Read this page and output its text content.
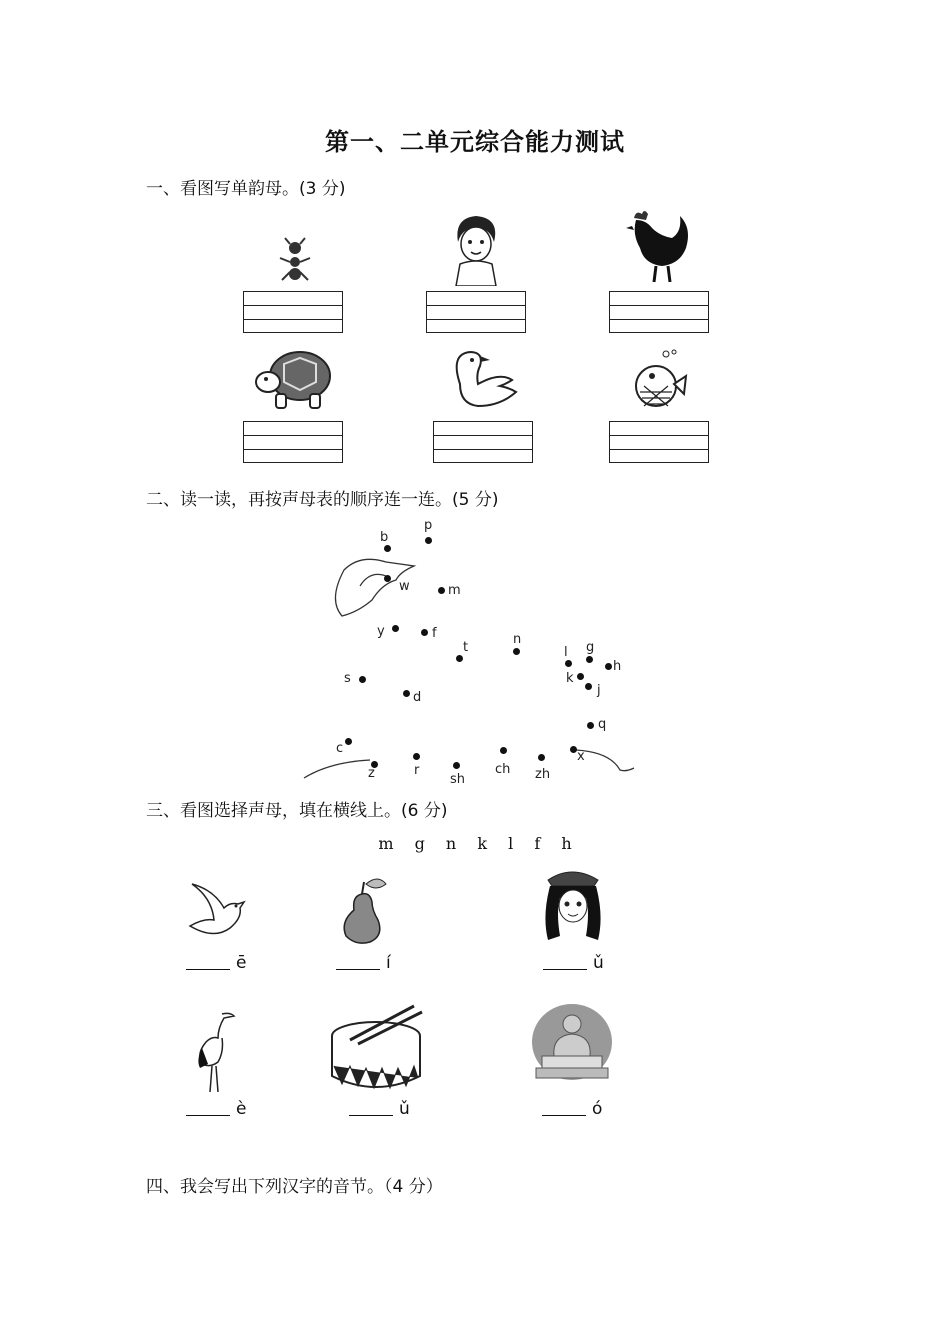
第一、二单元综合能力测试
一、看图写单韵母。(3 分)
二、读一读，再按声母表的顺序连一连。(5 分)
b
p
m
f
d
t
n
l g
k
h
j
q
x
zh
ch
sh
r
z
c
s
y
w
三、看图选择声母，填在横线上。(6 分)
m g n k l f h
ē	í	ǔ
è	ǔ	ó
四、我会写出下列汉字的音节。（4 分）
